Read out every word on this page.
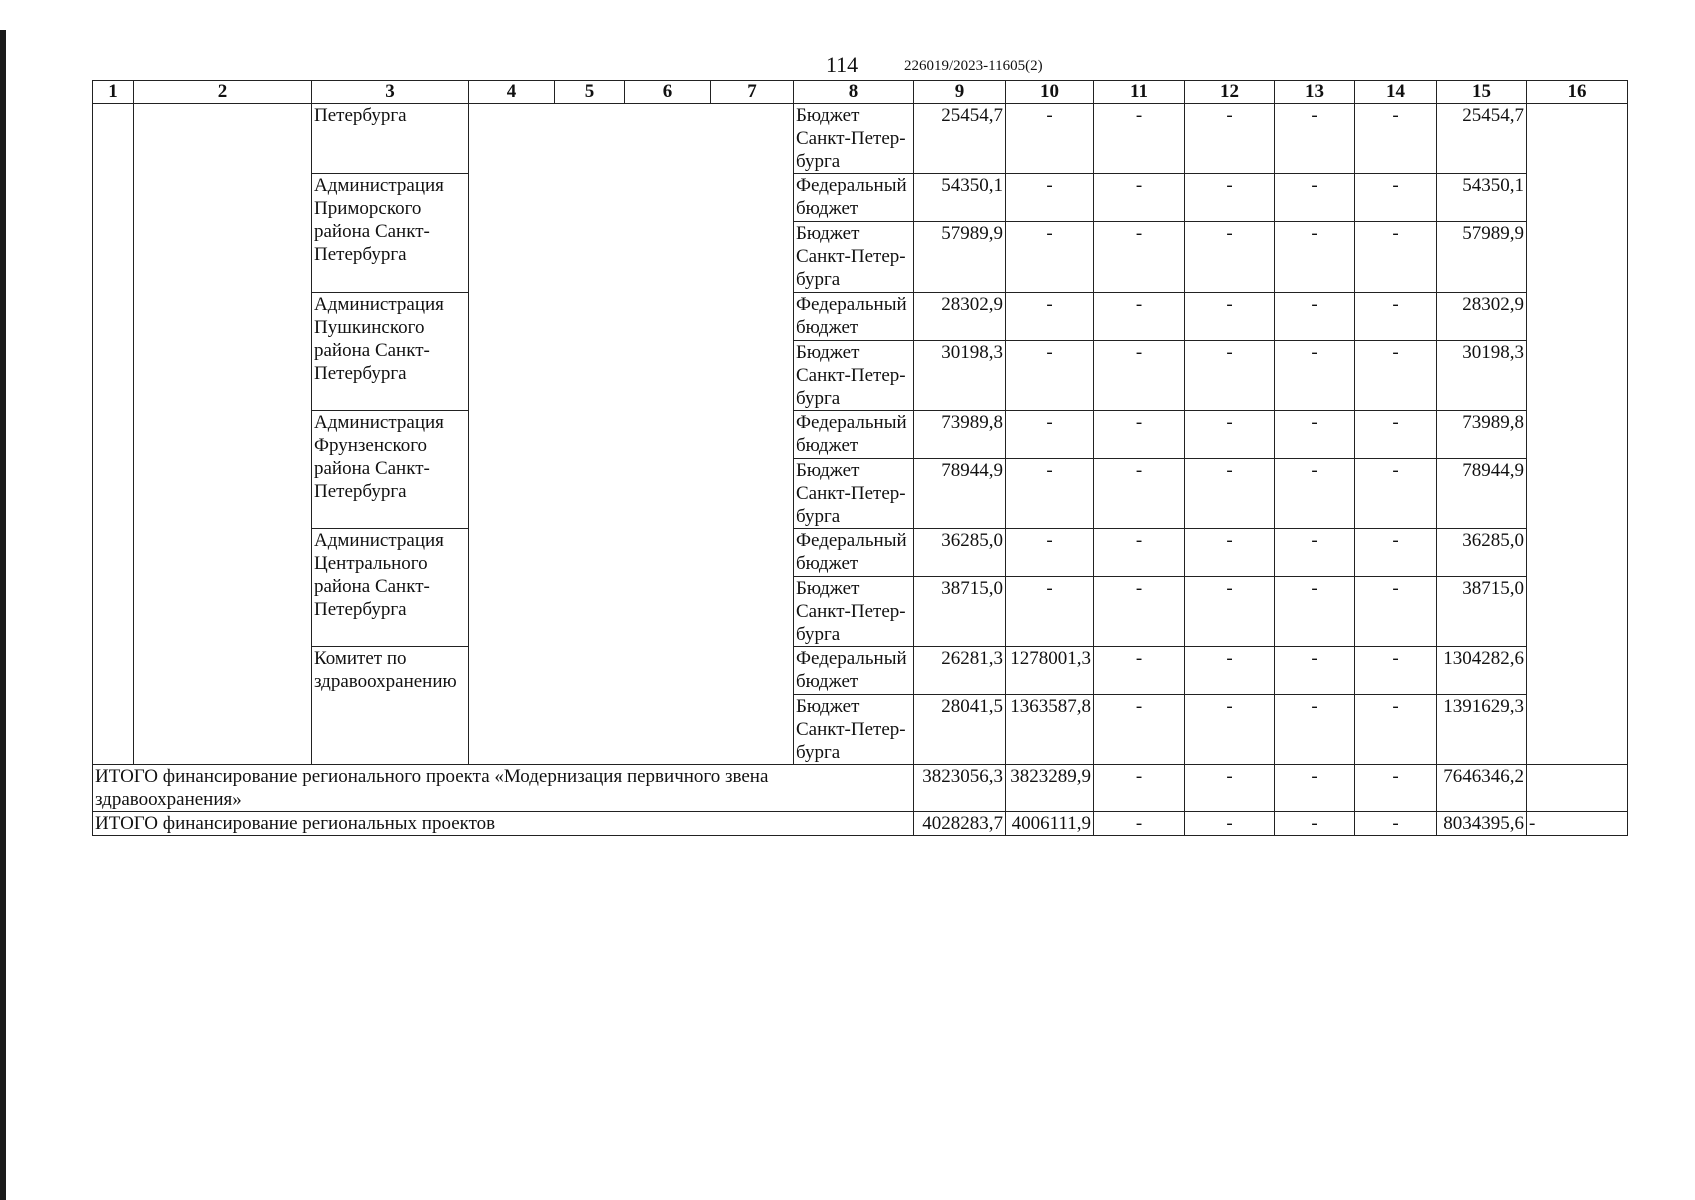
114	226019/2023-11605(2)
1	2	3	4	5	6	7	8	9	10	11	12	13	14	15	16
		Петербурга					Бюджет Санкт-Петер-бурга	25454,7	-	-	-	-	-	25454,7	
		Администрация Приморского района Санкт-Петербурга					Федеральный бюджет	54350,1	-	-	-	-	-	54350,1	
							Бюджет Санкт-Петер-бурга	57989,9	-	-	-	-	-	57989,9	
		Администрация Пушкинского района Санкт-Петербурга					Федеральный бюджет	28302,9	-	-	-	-	-	28302,9	
							Бюджет Санкт-Петер-бурга	30198,3	-	-	-	-	-	30198,3	
		Администрация Фрунзенского района Санкт-Петербурга					Федеральный бюджет	73989,8	-	-	-	-	-	73989,8	
							Бюджет Санкт-Петер-бурга	78944,9	-	-	-	-	-	78944,9	
		Администрация Центрального района Санкт-Петербурга					Федеральный бюджет	36285,0	-	-	-	-	-	36285,0	
							Бюджет Санкт-Петер-бурга	38715,0	-	-	-	-	-	38715,0	
		Комитет по здравоохранению					Федеральный бюджет	26281,3	1278001,3	-	-	-	-	1304282,6	
							Бюджет Санкт-Петер-бурга	28041,5	1363587,8	-	-	-	-	1391629,3	
ИТОГО финансирование регионального проекта «Модернизация первичного звена здравоохранения»								3823056,3	3823289,9	-	-	-	-	7646346,2	
ИТОГО финансирование региональных проектов								4028283,7	4006111,9	-	-	-	-	8034395,6	-
